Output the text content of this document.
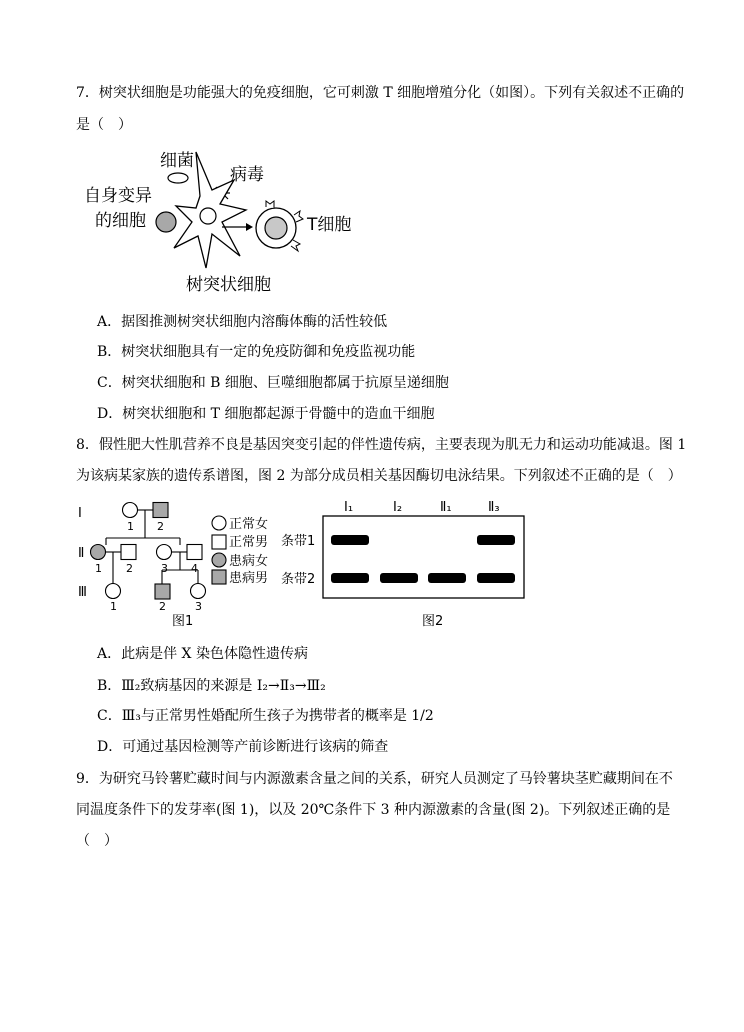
7．树突状细胞是功能强大的免疫细胞，它可刺激 T 细胞增殖分化（如图）。下列有关叙述不正确的
是（　）
细菌
病毒
自身变异
的细胞	T细胞
树突状细胞
A．据图推测树突状细胞内溶酶体酶的活性较低
B．树突状细胞具有一定的免疫防御和免疫监视功能
C．树突状细胞和 B 细胞、巨噬细胞都属于抗原呈递细胞
D．树突状细胞和 T 细胞都起源于骨髓中的造血干细胞
8．假性肥大性肌营养不良是基因突变引起的伴性遗传病，主要表现为肌无力和运动功能减退。图 1
为该病某家族的遗传系谱图，图 2 为部分成员相关基因酶切电泳结果。下列叙述不正确的是（　）
Ⅰ
Ⅱ
Ⅲ
1 2
1 2	3 4
1	2	3
正常女
正常男
患病女
患病男
图1
Ⅰ₁	Ⅰ₂	Ⅱ₁	Ⅱ₃
条带1
条带2
图2
A．此病是伴 X 染色体隐性遗传病
B．Ⅲ₂致病基因的来源是 Ⅰ₂→Ⅱ₃→Ⅲ₂
C．Ⅲ₃与正常男性婚配所生孩子为携带者的概率是 1/2
D．可通过基因检测等产前诊断进行该病的筛查
9．为研究马铃薯贮藏时间与内源激素含量之间的关系，研究人员测定了马铃薯块茎贮藏期间在不
同温度条件下的发芽率(图 1)，以及 20℃条件下 3 种内源激素的含量(图 2)。下列叙述正确的是
（　）
